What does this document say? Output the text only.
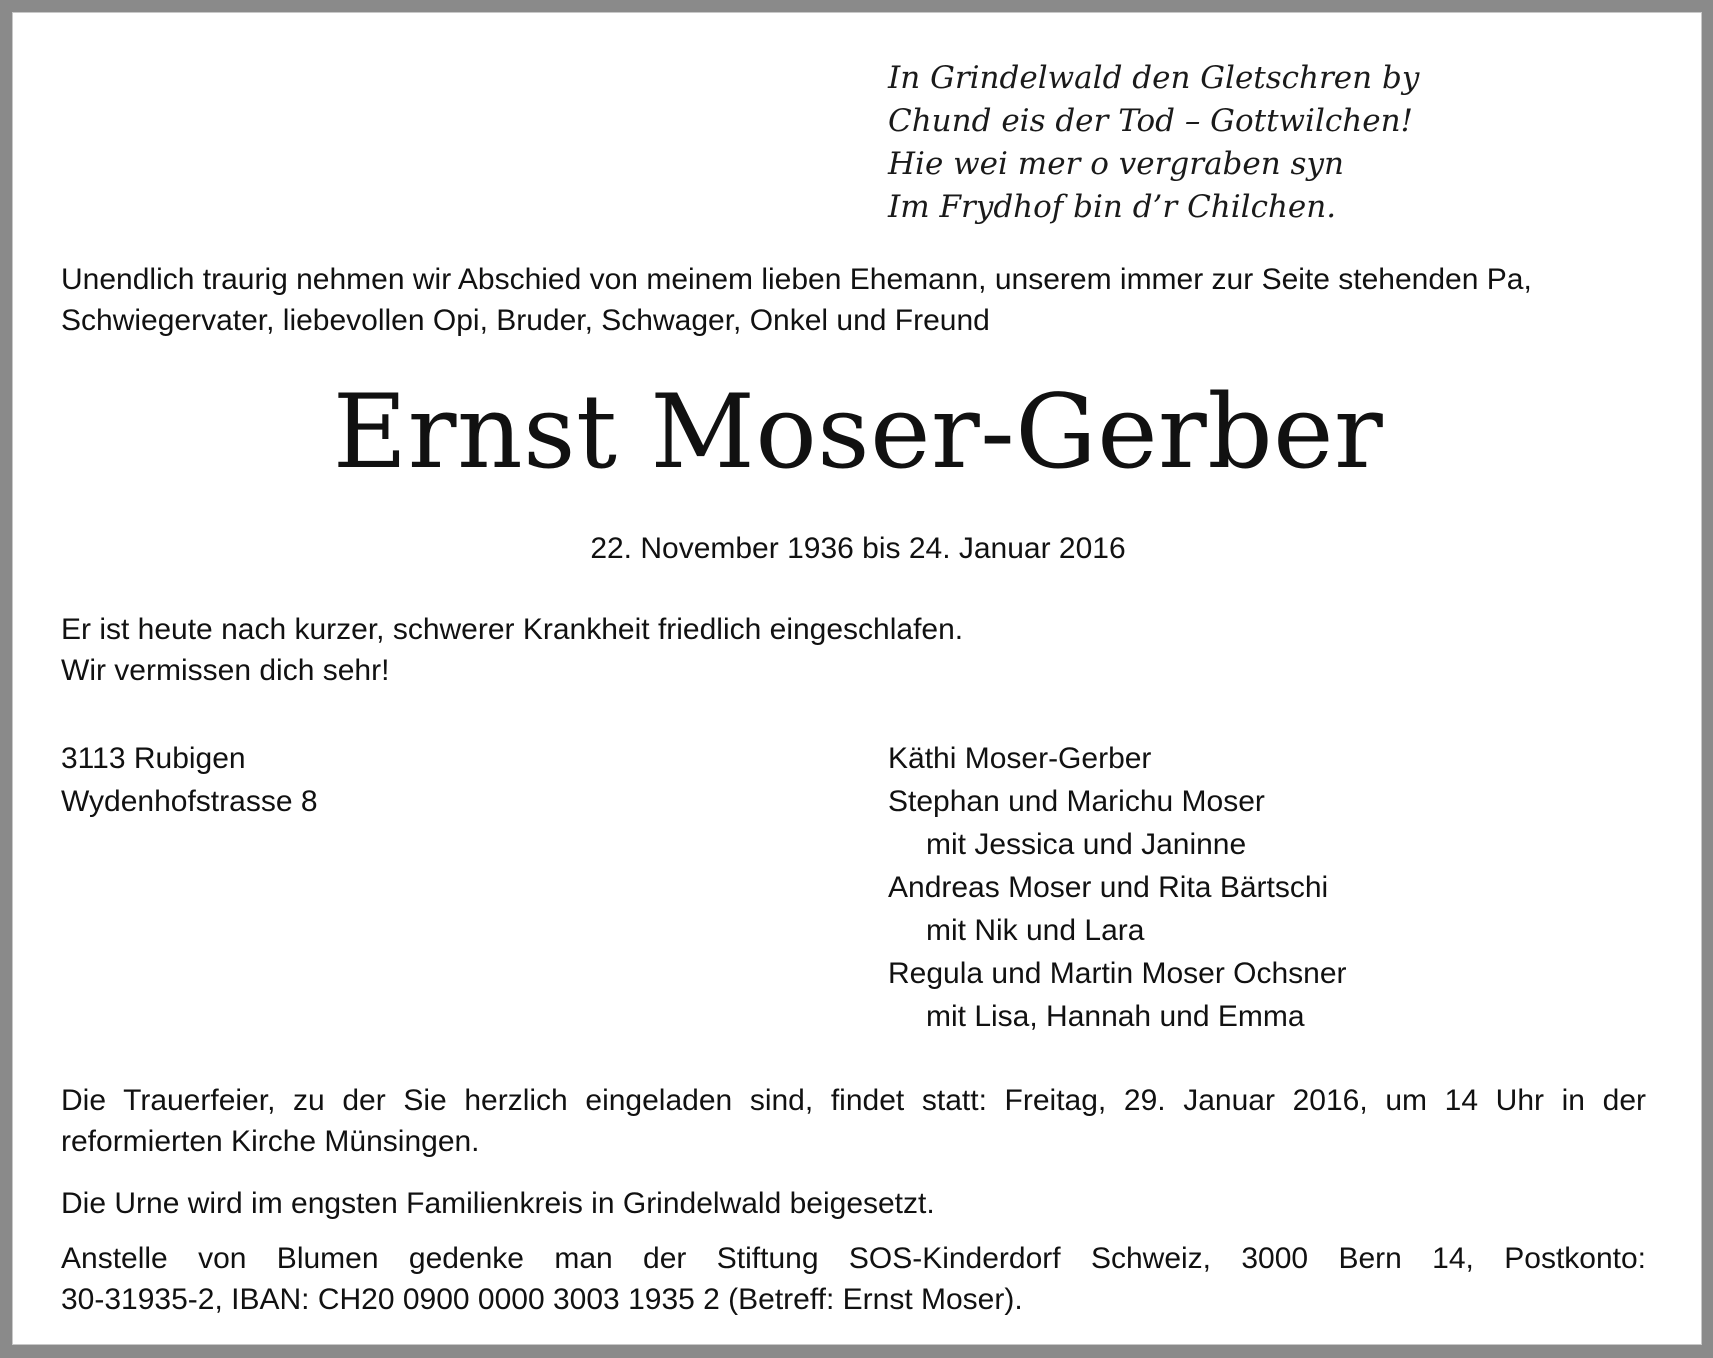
In Grindelwald den Gletschren by
Chund eis der Tod – Gottwilchen!
Hie wei mer o vergraben syn
Im Frydhof bin d’r Chilchen.
Unendlich traurig nehmen wir Abschied von meinem lieben Ehemann, unserem immer zur Seite stehenden Pa,
Schwiegervater, liebevollen Opi, Bruder, Schwager, Onkel und Freund
Ernst Moser-Gerber
22. November 1936 bis 24. Januar 2016
Er ist heute nach kurzer, schwerer Krankheit friedlich eingeschlafen.
Wir vermissen dich sehr!
3113 Rubigen
Wydenhofstrasse 8
Käthi Moser-Gerber
Stephan und Marichu Moser
mit Jessica und Janinne
Andreas Moser und Rita Bärtschi
mit Nik und Lara
Regula und Martin Moser Ochsner
mit Lisa, Hannah und Emma
Die Trauerfeier, zu der Sie herzlich eingeladen sind, findet statt: Freitag, 29. Januar 2016, um 14 Uhr in der
reformierten Kirche Münsingen.
Die Urne wird im engsten Familienkreis in Grindelwald beigesetzt.
Anstelle von Blumen gedenke man der Stiftung SOS-Kinderdorf Schweiz, 3000 Bern 14, Postkonto:
30-31935-2, IBAN: CH20 0900 0000 3003 1935 2 (Betreff: Ernst Moser).
